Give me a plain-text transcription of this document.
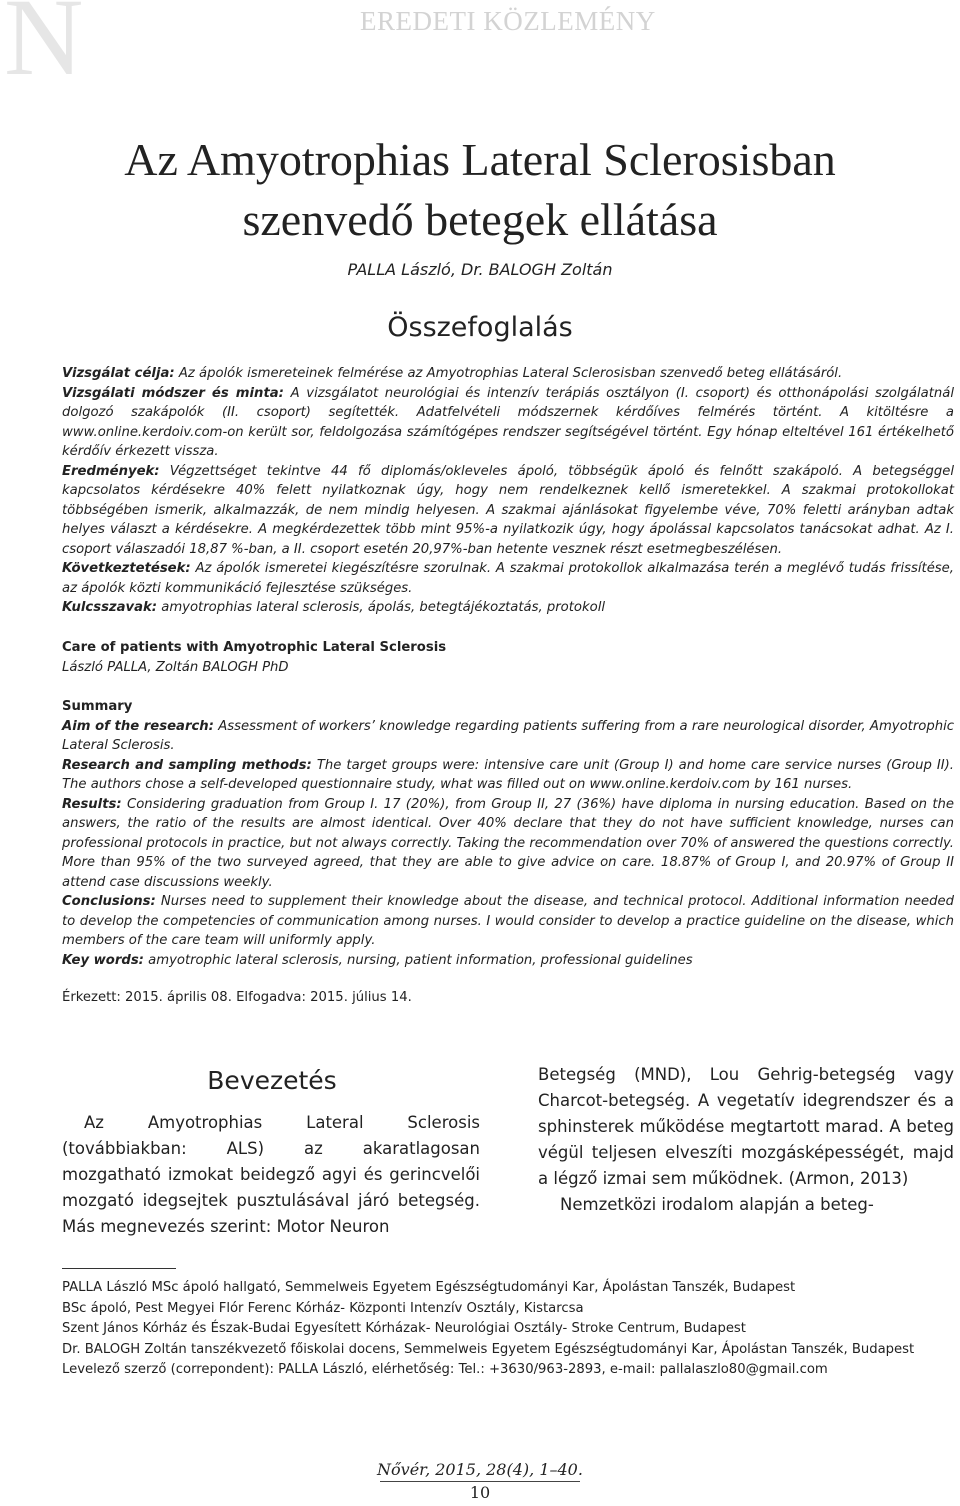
N	EREDETI KÖZLEMÉNY
Az Amyotrophias Lateral Sclerosisban
szenvedő betegek ellátása
PALLA László, Dr. BALOGH Zoltán
Összefoglalás

Vizsgálat célja: Az ápolók ismereteinek felmérése az Amyotrophias Lateral Sclerosisban szenvedő beteg ellátásáról.

Vizsgálati módszer és minta: A vizsgálatot neurológiai és intenzív terápiás osztályon (I. csoport) és otthonápolási szolgálatnál dolgozó szakápolók (II. csoport) segítették. Adatfelvételi módszernek kérdőíves felmérés történt. A kitöltésre a www.online.kerdoiv.com-on került sor, feldolgozása számítógépes rendszer segítségével történt. Egy hónap elteltével 161 értékelhető kérdőív érkezett vissza.

Eredmények: Végzettséget tekintve 44 fő diplomás/okleveles ápoló, többségük ápoló és felnőtt szakápoló. A betegséggel kapcsolatos kérdésekre 40% felett nyilatkoznak úgy, hogy nem rendelkeznek kellő ismeretekkel. A szakmai protokollokat többségében ismerik, alkalmazzák, de nem mindig helyesen. A szakmai ajánlásokat figyelembe véve, 70% feletti arányban adtak helyes választ a kérdésekre. A megkérdezettek több mint 95%-a nyilatkozik úgy, hogy ápolással kapcsolatos tanácsokat adhat. Az I. csoport válaszadói 18,87 %-ban, a II. csoport esetén 20,97%-ban hetente vesznek részt esetmegbeszélésen.

Következtetések: Az ápolók ismeretei kiegészítésre szorulnak. A szakmai protokollok alkalmazása terén a meglévő tudás frissítése, az ápolók közti kommunikáció fejlesztése szükséges.

Kulcsszavak: amyotrophias lateral sclerosis, ápolás, betegtájékoztatás, protokoll

Care of patients with Amyotrophic Lateral Sclerosis

László PALLA, Zoltán BALOGH PhD

Summary

Aim of the research: Assessment of workers’ knowledge regarding patients suffering from a rare neurological disorder, Amyotrophic Lateral Sclerosis.

Research and sampling methods: The target groups were: intensive care unit (Group I) and home care service nurses (Group II). The authors chose a self-developed questionnaire study, what was filled out on www.online.kerdoiv.com by 161 nurses.

Results: Considering graduation from Group I. 17 (20%), from Group II, 27 (36%) have diploma in nursing education. Based on the answers, the ratio of the results are almost identical. Over 40% declare that they do not have sufficient knowledge, nurses can professional protocols in practice, but not always correctly. Taking the recommendation over 70% of answered the questions correctly. More than 95% of the two surveyed agreed, that they are able to give advice on care. 18.87% of Group I, and 20.97% of Group II attend case discussions weekly.

Conclusions: Nurses need to supplement their knowledge about the disease, and technical protocol. Additional information needed to develop the competencies of communication among nurses. I would consider to develop a practice guideline on the disease, which members of the care team will uniformly apply.

Key words: amyotrophic lateral sclerosis, nursing, patient information, professional guidelines

Érkezett: 2015. április 08. Elfogadva: 2015. július 14.
Bevezetés
Az Amyotrophias Lateral Sclerosis (továbbiakban: ALS) az akaratlagosan mozgatható izmokat beidegző agyi és gerincvelői mozgató idegsejtek pusztulásával járó betegség. Más megnevezés szerint: Motor Neuron

Betegség (MND), Lou Gehrig-betegség vagy Charcot-betegség. A vegetatív idegrendszer és a sphinsterek működése megtartott marad. A beteg végül teljesen elveszíti mozgásképességét, majd a légző izmai sem működnek. (Armon, 2013)

Nemzetközi irodalom alapján a beteg-

PALLA László MSc ápoló hallgató, Semmelweis Egyetem Egészségtudományi Kar, Ápolástan Tanszék, Budapest

BSc ápoló, Pest Megyei Flór Ferenc Kórház- Központi Intenzív Osztály, Kistarcsa

Szent János Kórház és Észak-Budai Egyesített Kórházak- Neurológiai Osztály- Stroke Centrum, Budapest

Dr. BALOGH Zoltán tanszékvezető főiskolai docens, Semmelweis Egyetem Egészségtudományi Kar, Ápolástan Tanszék, Budapest

Levelező szerző (correpondent): PALLA László, elérhetőség: Tel.: +3630/963-2893, e-mail: pallalaszlo80@gmail.com

Nővér, 2015, 28(4), 1–40.
10
